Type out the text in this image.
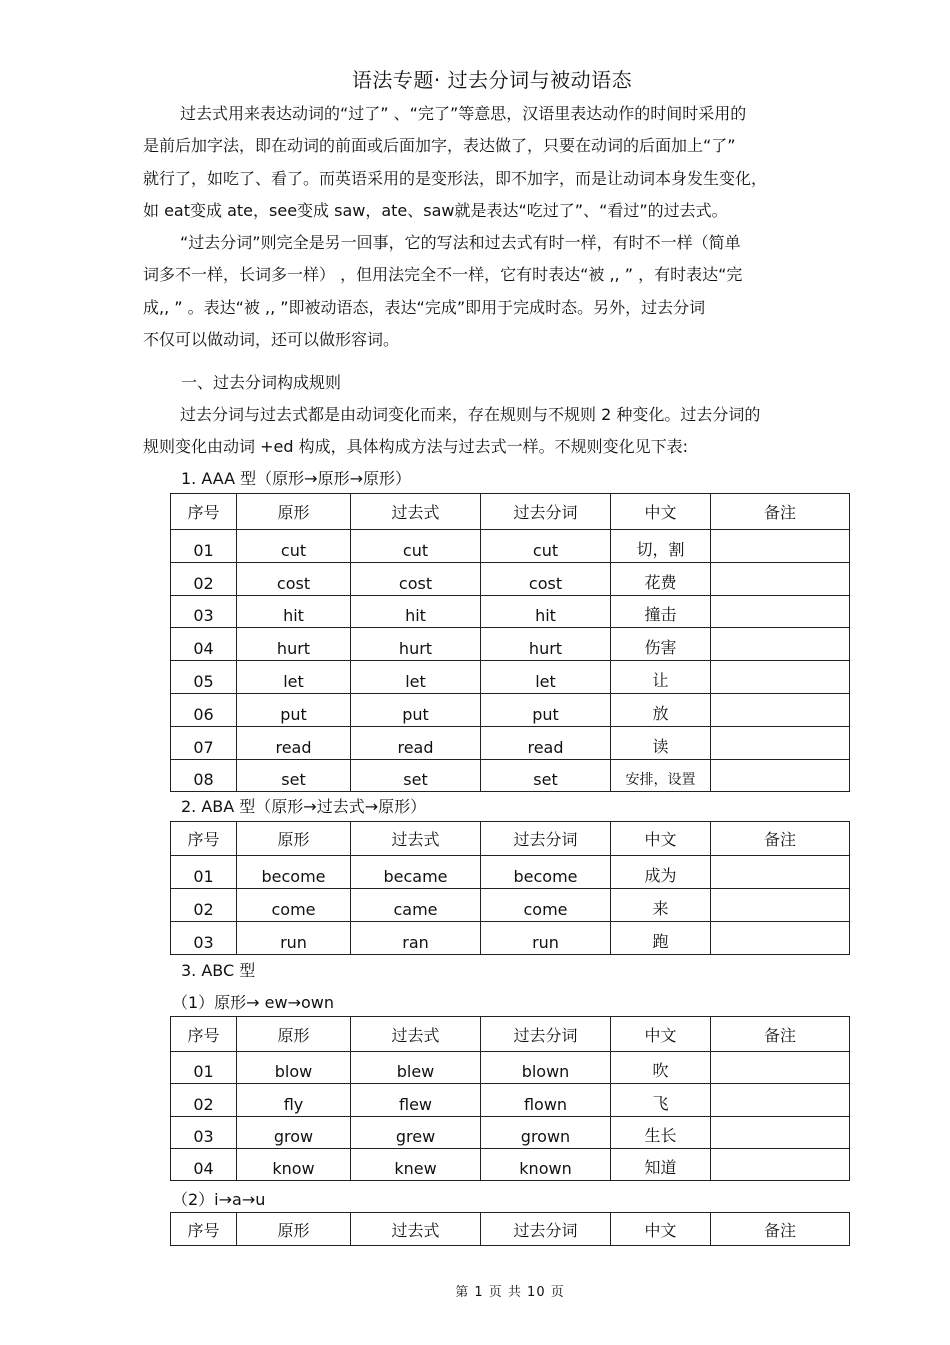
语法专题· 过去分词与被动语态
过去式用来表达动词的“过了” 、“完了”等意思，汉语里表达动作的时间时采用的
是前后加字法，即在动词的前面或后面加字，表达做了，只要在动词的后面加上“了”
就行了，如吃了、看了。而英语采用的是变形法，即不加字，而是让动词本身发生变化，
如 eat变成 ate，see变成 saw，ate、saw就是表达“吃过了”、“看过”的过去式。
“过去分词”则完全是另一回事，它的写法和过去式有时一样，有时不一样（简单
词多不一样，长词多一样） ，但用法完全不一样，它有时表达“被 ,, ” ，有时表达“完
成,, ” 。表达“被 ,, ”即被动语态，表达“完成”即用于完成时态。另外，过去分词
不仅可以做动词，还可以做形容词。
一、过去分词构成规则
过去分词与过去式都是由动词变化而来，存在规则与不规则 2 种变化。过去分词的
规则变化由动词 +ed 构成，具体构成方法与过去式一样。不规则变化见下表:
1. AAA 型（原形→原形→原形）
序号	原形	过去式	过去分词	中文	备注
01	cut	cut	cut	切，割	
02	cost	cost	cost	花费	
03	hit	hit	hit	撞击	
04	hurt	hurt	hurt	伤害	
05	let	let	let	让	
06	put	put	put	放	
07	read	read	read	读	
08	set	set	set	安排，设置	
2. ABA 型（原形→过去式→原形）
序号	原形	过去式	过去分词	中文	备注
01	become	became	become	成为	
02	come	came	come	来	
03	run	ran	run	跑	
3. ABC 型
（1）原形→ ew→own
序号	原形	过去式	过去分词	中文	备注
01	blow	blew	blown	吹	
02	fly	flew	flown	飞	
03	grow	grew	grown	生长	
04	know	knew	known	知道	
（2）i→a→u
序号	原形	过去式	过去分词	中文	备注
第 1 页 共 10 页
